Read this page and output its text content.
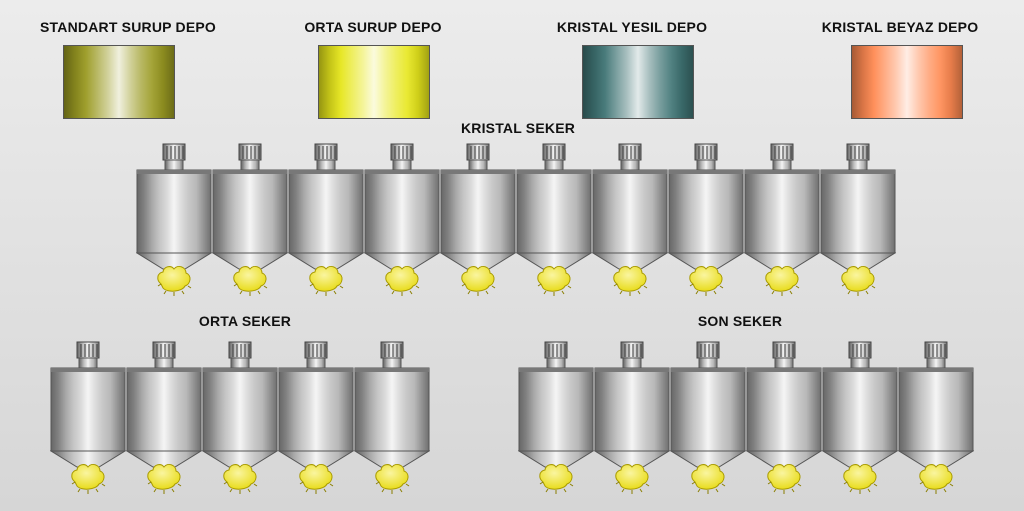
STANDART SURUP DEPO	ORTA SURUP DEPO	KRISTAL YESIL DEPO	KRISTAL BEYAZ DEPO
KRISTAL SEKER
ORTA SEKER	SON SEKER
